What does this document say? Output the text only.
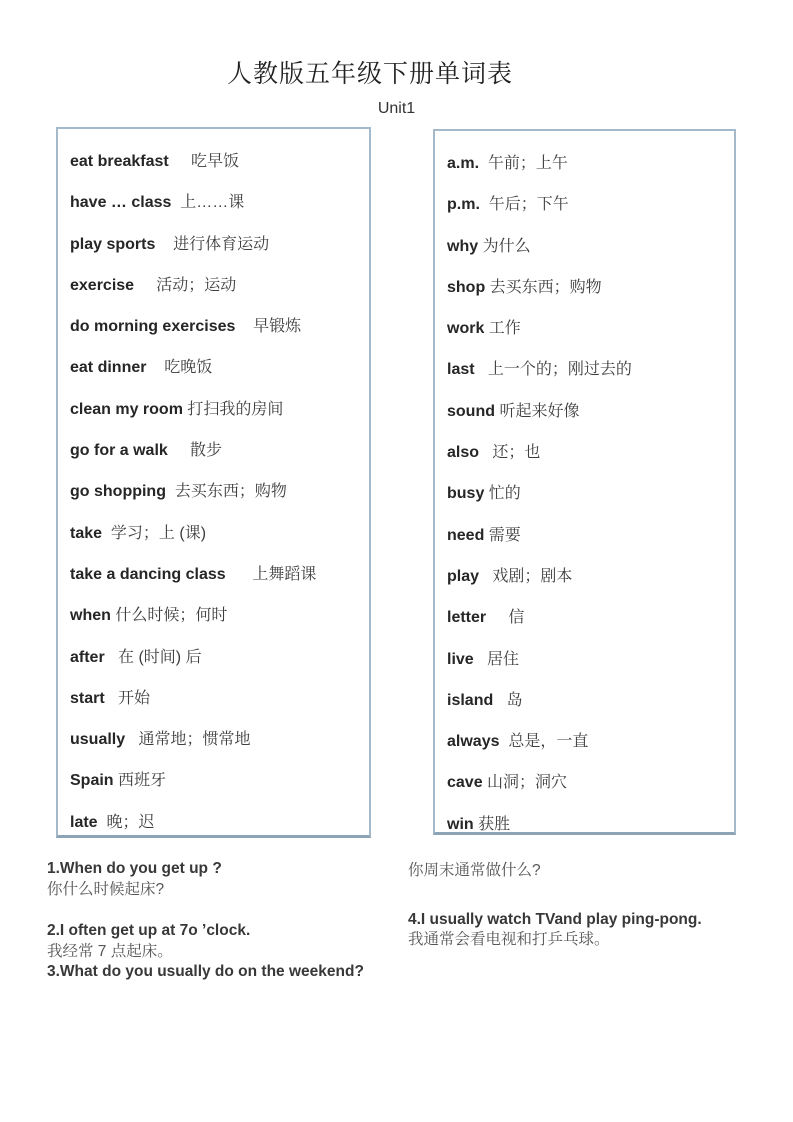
人教版五年级下册单词表
Unit1
eat breakfast     吃早饭
have … class  上……课
play sports    进行体育运动
exercise     活动；运动
do morning exercises    早锻炼
eat dinner    吃晚饭
clean my room 打扫我的房间
go for a walk     散步
go shopping  去买东西；购物
take  学习；上 (课)
take a dancing class      上舞蹈课
when 什么时候；何时
after   在 (时间) 后
start   开始
usually   通常地；惯常地
Spain 西班牙
late  晚；迟
a.m.  午前；上午
p.m.  午后；下午
why 为什么
shop 去买东西；购物
work 工作
last   上一个的；刚过去的
sound 听起来好像
also   还；也
busy 忙的
need 需要
play   戏剧；剧本
letter     信
live   居住
island   岛
always  总是，一直
cave 山洞；洞穴
win 获胜
1.When do you get up ?
你什么时候起床?
2.I often get up at 7o ’clock.
我经常 7 点起床。
3.What do you usually do on the weekend?
你周末通常做什么?
4.I usually watch TVand play ping-pong.
我通常会看电视和打乒乓球。
